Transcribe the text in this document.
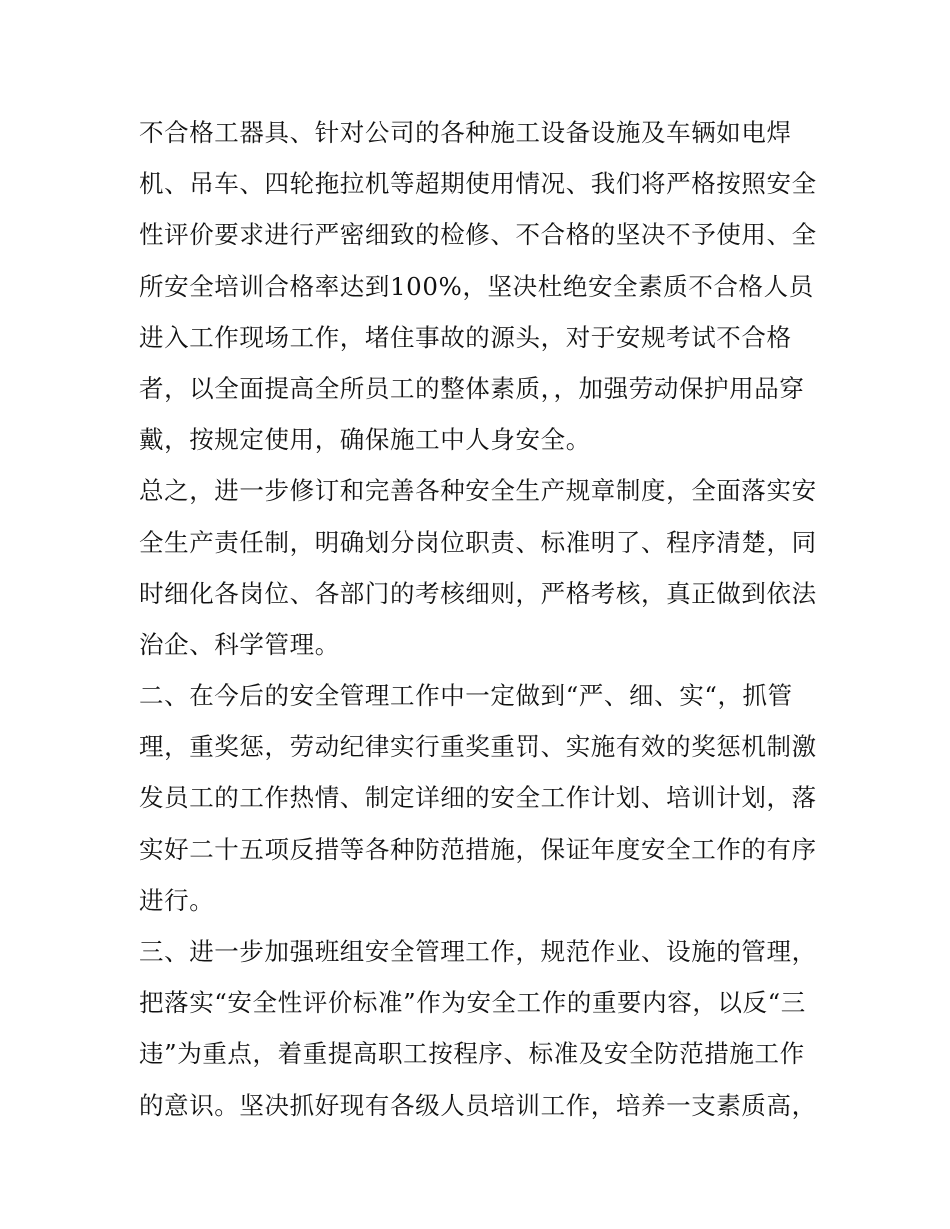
不合格工器具、针对公司的各种施工设备设施及车辆如电焊
机、吊车、四轮拖拉机等超期使用情况、我们将严格按照安全
性评价要求进行严密细致的检修、不合格的坚决不予使用、全
所安全培训合格率达到100%，坚决杜绝安全素质不合格人员
进入工作现场工作，堵住事故的源头，对于安规考试不合格
者，以全面提高全所员工的整体素质，，加强劳动保护用品穿
戴，按规定使用，确保施工中人身安全。
总之，进一步修订和完善各种安全生产规章制度，全面落实安
全生产责任制，明确划分岗位职责、标准明了、程序清楚，同
时细化各岗位、各部门的考核细则，严格考核，真正做到依法
治企、科学管理。
二、在今后的安全管理工作中一定做到“严、细、实“，抓管
理，重奖惩，劳动纪律实行重奖重罚、实施有效的奖惩机制激
发员工的工作热情、制定详细的安全工作计划、培训计划，落
实好二十五项反措等各种防范措施，保证年度安全工作的有序
进行。
三、进一步加强班组安全管理工作，规范作业、设施的管理，
把落实“安全性评价标准”作为安全工作的重要内容，以反“三
违”为重点，着重提高职工按程序、标准及安全防范措施工作
的意识。坚决抓好现有各级人员培训工作，培养一支素质高，
